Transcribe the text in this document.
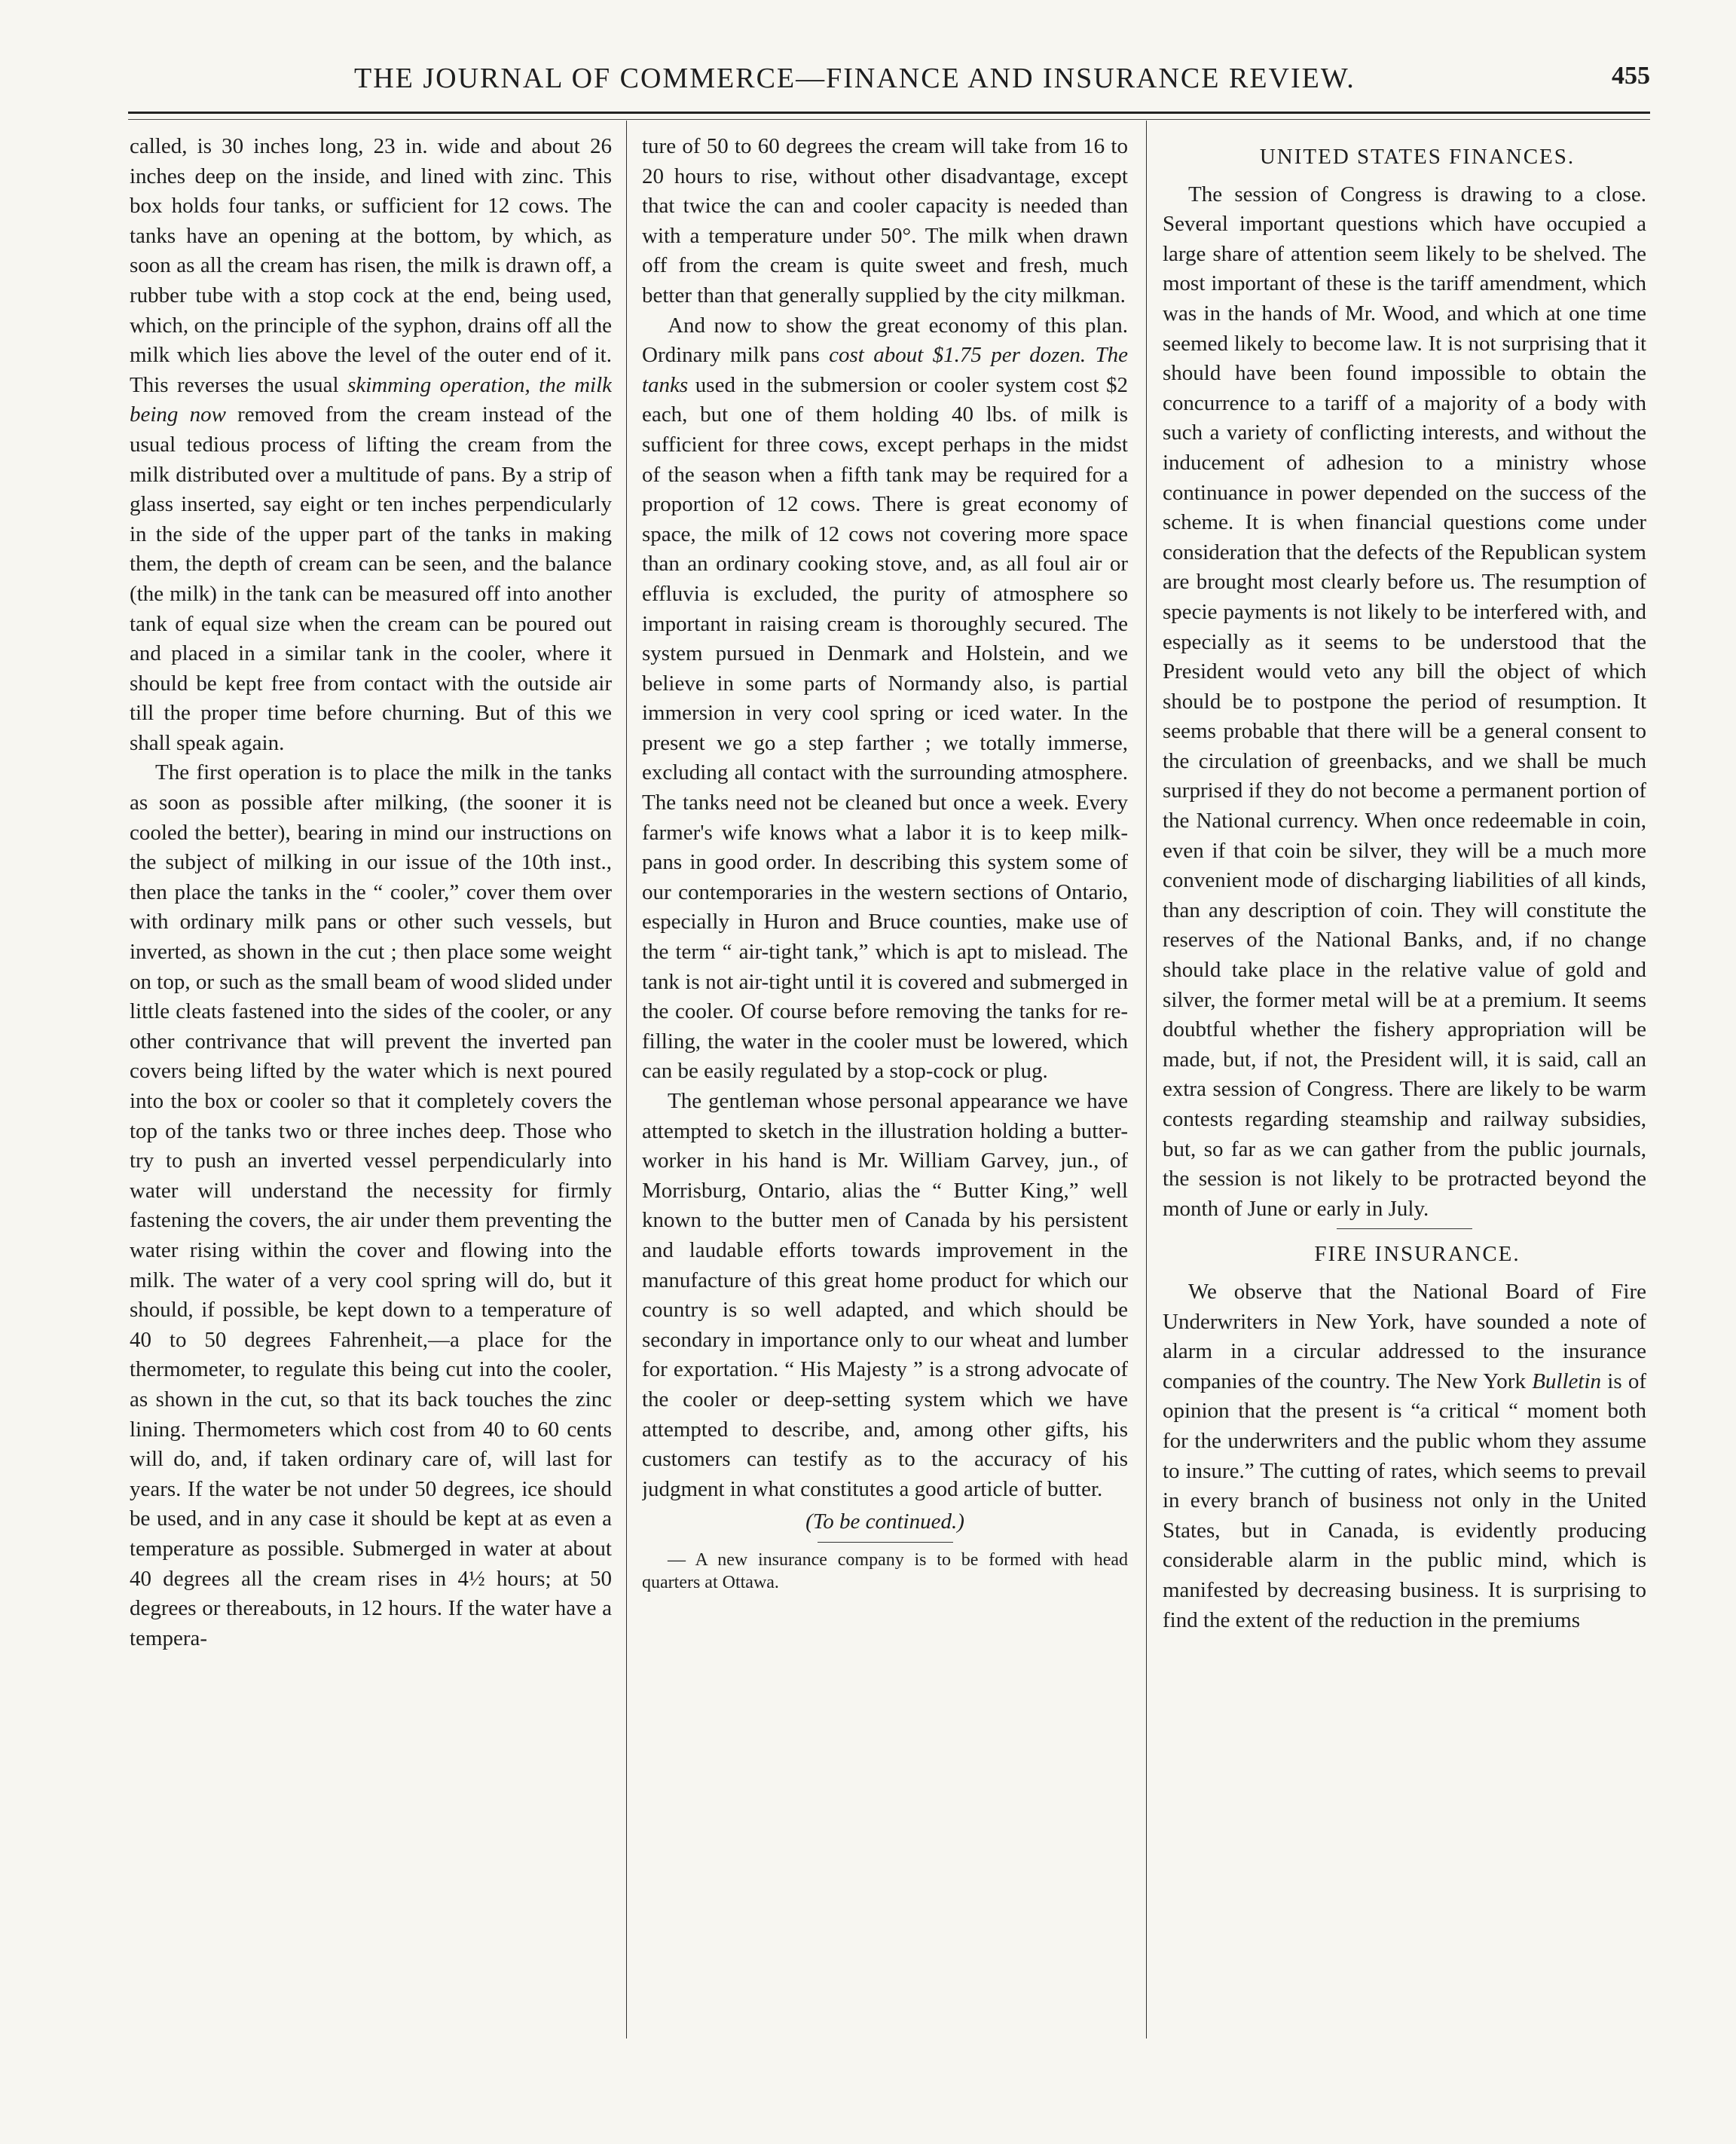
THE JOURNAL OF COMMERCE—FINANCE AND INSURANCE REVIEW.	455

called, is 30 inches long, 23 in. wide and about 26 inches deep on the inside, and lined with zinc. This box holds four tanks, or sufficient for 12 cows. The tanks have an opening at the bottom, by which, as soon as all the cream has risen, the milk is drawn off, a rubber tube with a stop cock at the end, being used, which, on the principle of the syphon, drains off all the milk which lies above the level of the outer end of it. This reverses the usual skimming operation, the milk being now removed from the cream instead of the usual tedious process of lifting the cream from the milk distributed over a multitude of pans. By a strip of glass inserted, say eight or ten inches perpendicularly in the side of the upper part of the tanks in making them, the depth of cream can be seen, and the balance (the milk) in the tank can be measured off into another tank of equal size when the cream can be poured out and placed in a similar tank in the cooler, where it should be kept free from contact with the outside air till the proper time before churning. But of this we shall speak again.

The first operation is to place the milk in the tanks as soon as possible after milking, (the sooner it is cooled the better), bearing in mind our instructions on the subject of milking in our issue of the 10th inst., then place the tanks in the “ cooler,” cover them over with ordinary milk pans or other such vessels, but inverted, as shown in the cut ; then place some weight on top, or such as the small beam of wood slided under little cleats fastened into the sides of the cooler, or any other contrivance that will prevent the inverted pan covers being lifted by the water which is next poured into the box or cooler so that it completely covers the top of the tanks two or three inches deep. Those who try to push an inverted vessel perpendicularly into water will understand the necessity for firmly fastening the covers, the air under them preventing the water rising within the cover and flowing into the milk. The water of a very cool spring will do, but it should, if possible, be kept down to a temperature of 40 to 50 degrees Fahrenheit,—a place for the thermometer, to regulate this being cut into the cooler, as shown in the cut, so that its back touches the zinc lining. Thermometers which cost from 40 to 60 cents will do, and, if taken ordinary care of, will last for years. If the water be not under 50 degrees, ice should be used, and in any case it should be kept at as even a temperature as possible. Submerged in water at about 40 degrees all the cream rises in 4½ hours; at 50 degrees or thereabouts, in 12 hours. If the water have a tempera-

ture of 50 to 60 degrees the cream will take from 16 to 20 hours to rise, without other disadvantage, except that twice the can and cooler capacity is needed than with a temperature under 50°. The milk when drawn off from the cream is quite sweet and fresh, much better than that generally supplied by the city milkman.

And now to show the great economy of this plan. Ordinary milk pans cost about $1.75 per dozen. The tanks used in the submersion or cooler system cost $2 each, but one of them holding 40 lbs. of milk is sufficient for three cows, except perhaps in the midst of the season when a fifth tank may be required for a proportion of 12 cows. There is great economy of space, the milk of 12 cows not covering more space than an ordinary cooking stove, and, as all foul air or effluvia is excluded, the purity of atmosphere so important in raising cream is thoroughly secured. The system pursued in Denmark and Holstein, and we believe in some parts of Normandy also, is partial immersion in very cool spring or iced water. In the present we go a step farther ; we totally immerse, excluding all contact with the surrounding atmosphere. The tanks need not be cleaned but once a week. Every farmer's wife knows what a labor it is to keep milk-pans in good order. In describing this system some of our contemporaries in the western sections of Ontario, especially in Huron and Bruce counties, make use of the term “ air-tight tank,” which is apt to mislead. The tank is not air-tight until it is covered and submerged in the cooler. Of course before removing the tanks for re-filling, the water in the cooler must be lowered, which can be easily regulated by a stop-cock or plug.

The gentleman whose personal appearance we have attempted to sketch in the illustration holding a butter-worker in his hand is Mr. William Garvey, jun., of Morrisburg, Ontario, alias the “ Butter King,” well known to the butter men of Canada by his persistent and laudable efforts towards improvement in the manufacture of this great home product for which our country is so well adapted, and which should be secondary in importance only to our wheat and lumber for exportation. “ His Majesty ” is a strong advocate of the cooler or deep-setting system which we have attempted to describe, and, among other gifts, his customers can testify as to the accuracy of his judgment in what constitutes a good article of butter.

(To be continued.)

— A new insurance company is to be formed with head quarters at Ottawa.

UNITED STATES FINANCES.

The session of Congress is drawing to a close. Several important questions which have occupied a large share of attention seem likely to be shelved. The most important of these is the tariff amendment, which was in the hands of Mr. Wood, and which at one time seemed likely to become law. It is not surprising that it should have been found impossible to obtain the concurrence to a tariff of a majority of a body with such a variety of conflicting interests, and without the inducement of adhesion to a ministry whose continuance in power depended on the success of the scheme. It is when financial questions come under consideration that the defects of the Republican system are brought most clearly before us. The resumption of specie payments is not likely to be interfered with, and especially as it seems to be understood that the President would veto any bill the object of which should be to postpone the period of resumption. It seems probable that there will be a general consent to the circulation of greenbacks, and we shall be much surprised if they do not become a permanent portion of the National currency. When once redeemable in coin, even if that coin be silver, they will be a much more convenient mode of discharging liabilities of all kinds, than any description of coin. They will constitute the reserves of the National Banks, and, if no change should take place in the relative value of gold and silver, the former metal will be at a premium. It seems doubtful whether the fishery appropriation will be made, but, if not, the President will, it is said, call an extra session of Congress. There are likely to be warm contests regarding steamship and railway subsidies, but, so far as we can gather from the public journals, the session is not likely to be protracted beyond the month of June or early in July.

FIRE INSURANCE.

We observe that the National Board of Fire Underwriters in New York, have sounded a note of alarm in a circular addressed to the insurance companies of the country. The New York Bulletin is of opinion that the present is “a critical “ moment both for the underwriters and the public whom they assume to insure.” The cutting of rates, which seems to prevail in every branch of business not only in the United States, but in Canada, is evidently producing considerable alarm in the public mind, which is manifested by decreasing business. It is surprising to find the extent of the reduction in the premiums
